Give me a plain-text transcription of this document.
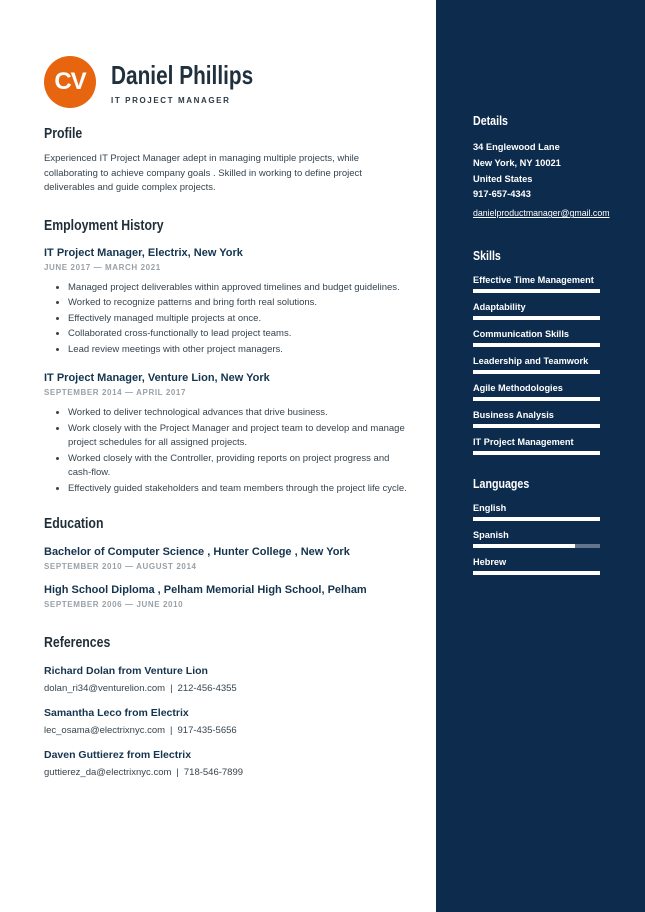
CV Daniel Phillips
IT PROJECT MANAGER
Profile

Experienced IT Project Manager adept in managing multiple projects, while collaborating to achieve company goals . Skilled in working to define project deliverables and guide complex projects.

Employment History
IT Project Manager, Electrix, New York
JUNE 2017 — MARCH 2021
• Managed project deliverables within approved timelines and budget guidelines.
• Worked to recognize patterns and bring forth real solutions.
• Effectively managed multiple projects at once.
• Collaborated cross-functionally to lead project teams.
• Lead review meetings with other project managers.
IT Project Manager, Venture Lion, New York
SEPTEMBER 2014 — APRIL 2017
• Worked to deliver technological advances that drive business.
• Work closely with the Project Manager and project team to develop and manage project schedules for all assigned projects.
• Worked closely with the Controller, providing reports on project progress and cash-flow.
• Effectively guided stakeholders and team members through the project life cycle.
Education
Bachelor of Computer Science , Hunter College , New York
SEPTEMBER 2010 — AUGUST 2014
High School Diploma , Pelham Memorial High School, Pelham
SEPTEMBER 2006 — JUNE 2010
References
Richard Dolan from Venture Lion
dolan_ri34@venturelion.com | 212-456-4355
Samantha Leco from Electrix
lec_osama@electrixnyc.com | 917-435-5656
Daven Guttierez from Electrix
guttierez_da@electrixnyc.com | 718-546-7899
Details
34 Englewood Lane
New York, NY 10021
United States
917-657-4343
danielproductmanager@gmail.com
Skills
Effective Time Management
Adaptability
Communication Skills
Leadership and Teamwork
Agile Methodologies
Business Analysis
IT Project Management
Languages
English
Spanish
Hebrew
